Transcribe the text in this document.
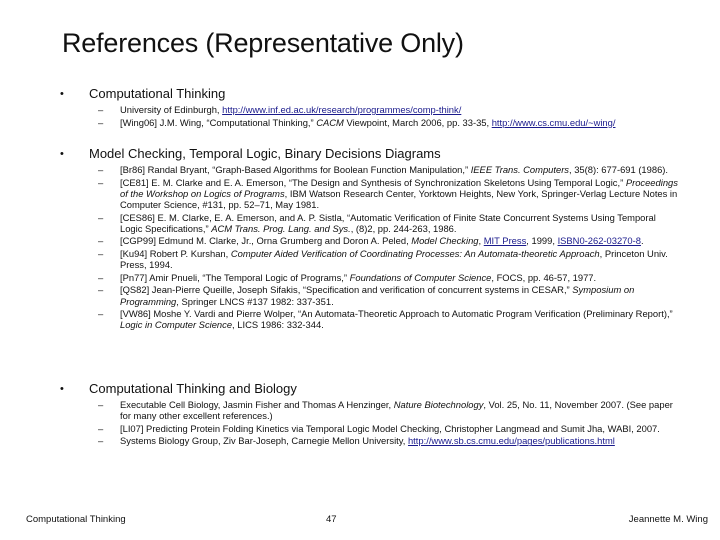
References (Representative Only)
•	Computational Thinking
–	University of Edinburgh, http://www.inf.ed.ac.uk/research/programmes/comp-think/
–	[Wing06] J.M. Wing, “Computational Thinking,” CACM Viewpoint, March 2006, pp. 33-35, http://www.cs.cmu.edu/~wing/
•	Model Checking, Temporal Logic, Binary Decisions Diagrams
–	[Br86] Randal Bryant, “Graph-Based Algorithms for Boolean Function Manipulation,” IEEE Trans. Computers, 35(8): 677-691 (1986).
–	[CE81] E. M. Clarke and E. A. Emerson, “The Design and Synthesis of Synchronization Skeletons Using Temporal Logic,” Proceedings of the Workshop on Logics of Programs, IBM Watson Research Center, Yorktown Heights, New York, Springer-Verlag Lecture Notes in Computer Science, #131, pp. 52–71, May 1981.
–	[CES86] E. M. Clarke, E. A. Emerson, and A. P. Sistla, “Automatic Verification of Finite State Concurrent Systems Using Temporal Logic Specifications,” ACM Trans. Prog. Lang. and Sys., (8)2, pp. 244-263, 1986.
–	[CGP99] Edmund M. Clarke, Jr., Orna Grumberg and Doron A. Peled, Model Checking, MIT Press, 1999, ISBN0-262-03270-8.
–	[Ku94] Robert P. Kurshan, Computer Aided Verification of Coordinating Processes: An Automata-theoretic Approach, Princeton Univ. Press, 1994.
–	[Pn77] Amir Pnueli, “The Temporal Logic of Programs,” Foundations of Computer Science, FOCS, pp. 46-57, 1977.
–	[QS82] Jean-Pierre Queille, Joseph Sifakis, “Specification and verification of concurrent systems in CESAR,” Symposium on Programming, Springer LNCS #137 1982: 337-351.
–	[VW86] Moshe Y. Vardi and Pierre Wolper, “An Automata-Theoretic Approach to Automatic Program Verification (Preliminary Report),” Logic in Computer Science, LICS 1986: 332-344.
•	Computational Thinking and Biology
–	Executable Cell Biology, Jasmin Fisher and Thomas A Henzinger, Nature Biotechnology, Vol. 25, No. 11, November 2007. (See paper for many other excellent references.)
–	[LI07] Predicting Protein Folding Kinetics via Temporal Logic Model Checking, Christopher Langmead and Sumit Jha, WABI, 2007.
–	Systems Biology Group, Ziv Bar-Joseph, Carnegie Mellon University, http://www.sb.cs.cmu.edu/pages/publications.html
Computational Thinking	47	Jeannette M. Wing
